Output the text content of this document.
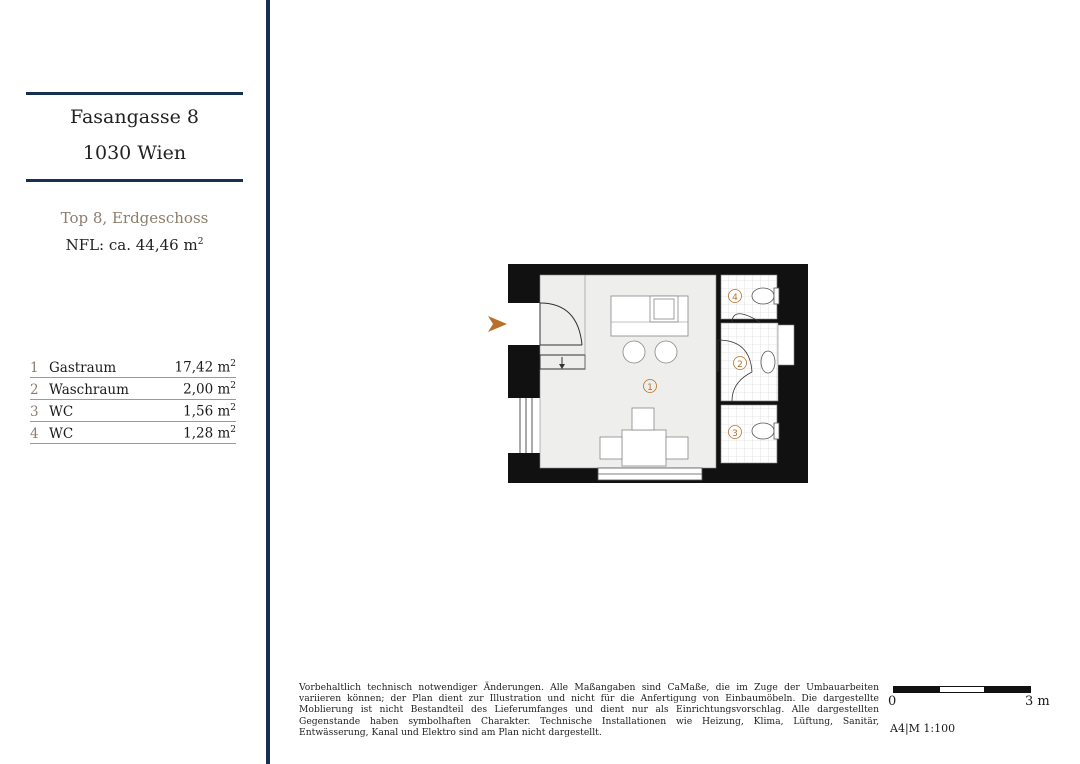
Fasangasse 8
1030 Wien
Top 8, Erdgeschoss
NFL: ca. 44,46 $m^2$
1 Gastraum	17,42 $m^2$
2 Waschraum	2,00 $m^2$
3 WC	1,56 $m^2$
4 WC	1,28 $m^2$
1
2
3
4
Vorbehaltlich technisch notwendiger Änderungen. Alle Maßangaben sind CaMaße, die im Zuge der Umbauarbeiten variieren können; der Plan dient zur Illustration und nicht für die Anfertigung von Einbaumöbeln. Die dargestellte Moblierung ist nicht Bestandteil des Lieferumfanges und dient nur als Einrichtungsvorschlag. Alle dargestellten Gegenstande haben symbolhaften Charakter. Technische Installationen wie Heizung, Klima, Lüftung, Sanitär, Entwässerung, Kanal und Elektro sind am Plan nicht dargestellt.
0	3 m
A4|M 1:100
